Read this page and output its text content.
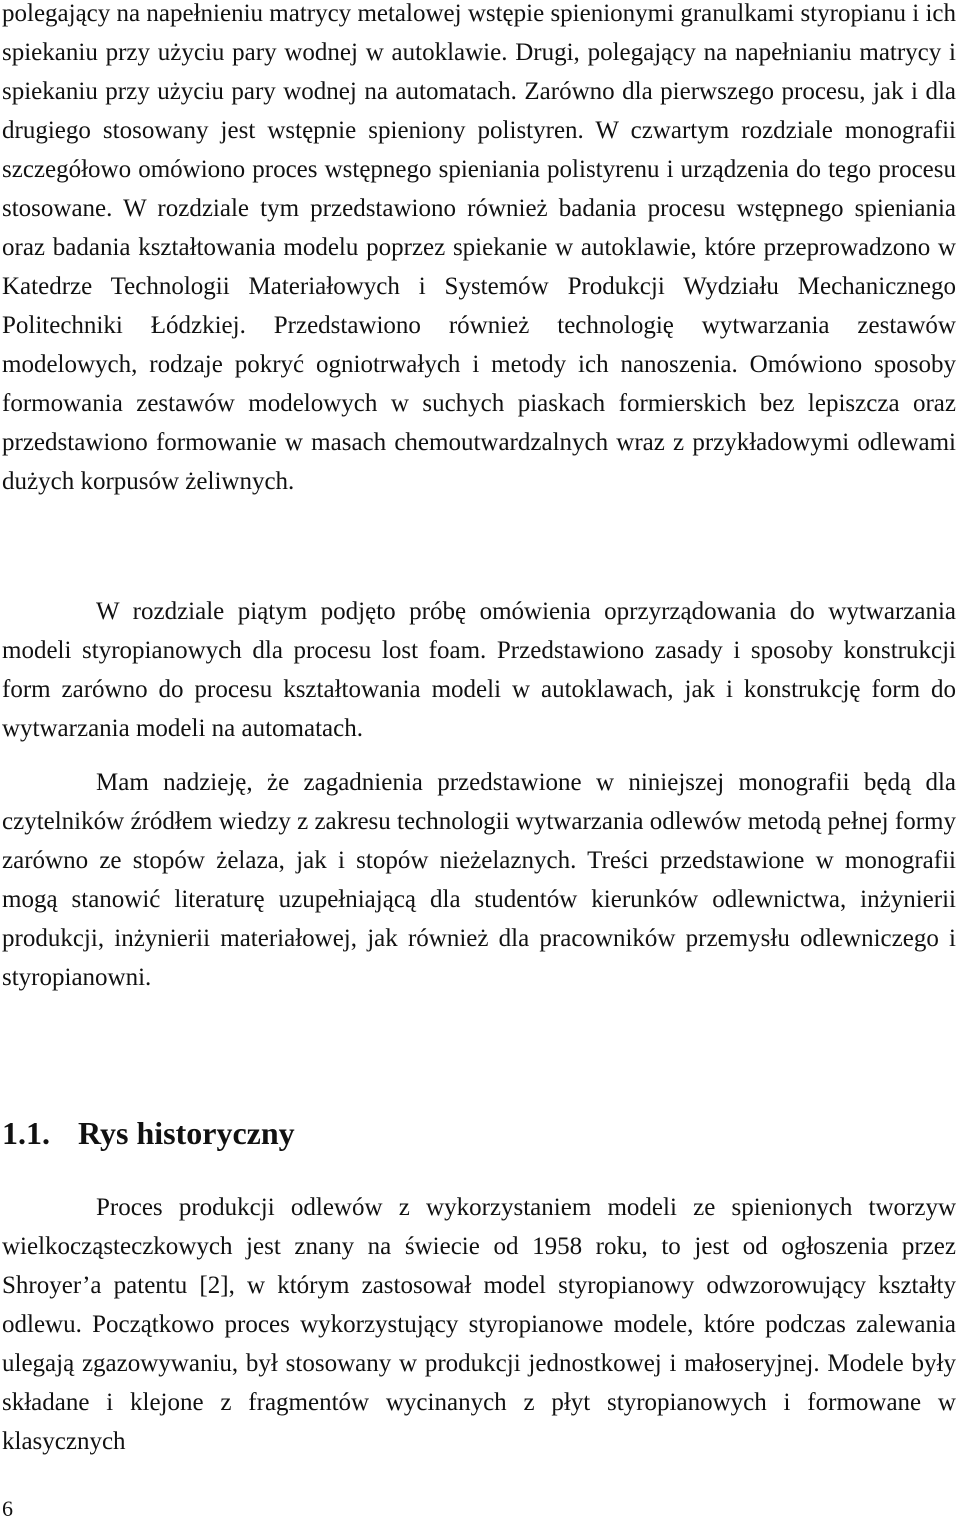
polegający na napełnieniu matrycy metalowej wstępie spienionymi granulkami styropianu i ich spiekaniu przy użyciu pary wodnej w autoklawie. Drugi, polegający na napełnianiu matrycy i spiekaniu przy użyciu pary wodnej na automatach. Zarówno dla pierwszego procesu, jak i dla drugiego stosowany jest wstępnie spieniony polistyren. W czwartym rozdziale monografii szczegółowo omówiono proces wstępnego spieniania polistyrenu i urządzenia do tego procesu stosowane. W rozdziale tym przedstawiono również badania procesu wstępnego spieniania oraz badania kształtowania modelu poprzez spiekanie w autoklawie, które przeprowadzono w Katedrze Technologii Materiałowych i Systemów Produkcji Wydziału Mechanicznego Politechniki Łódzkiej. Przedstawiono również technologię wytwarzania zestawów modelowych, rodzaje pokryć ogniotrwałych i metody ich nanoszenia. Omówiono sposoby formowania zestawów modelowych w suchych piaskach formierskich bez lepiszcza oraz przedstawiono formowanie w masach chemoutwardzalnych wraz z przykładowymi odlewami dużych korpusów żeliwnych.

W rozdziale piątym podjęto próbę omówienia oprzyrządowania do wytwarzania modeli styropianowych dla procesu lost foam. Przedstawiono zasady i sposoby konstrukcji form zarówno do procesu kształtowania modeli w autoklawach, jak i konstrukcję form do wytwarzania modeli na automatach.

Mam nadzieję, że zagadnienia przedstawione w niniejszej monografii będą dla czytelników źródłem wiedzy z zakresu technologii wytwarzania odlewów metodą pełnej formy zarówno ze stopów żelaza, jak i stopów nieżelaznych. Treści przedstawione w monografii mogą stanowić literaturę uzupełniającą dla studentów kierunków odlewnictwa, inżynierii produkcji, inżynierii materiałowej, jak również dla pracowników przemysłu odlewniczego i styropianowni.

1.1. Rys historyczny

Proces produkcji odlewów z wykorzystaniem modeli ze spienionych tworzyw wielkocząsteczkowych jest znany na świecie od 1958 roku, to jest od ogłoszenia przez Shroyer’a patentu [2], w którym zastosował model styropianowy odwzorowujący kształty odlewu. Początkowo proces wykorzystujący styropianowe modele, które podczas zalewania ulegają zgazowywaniu, był stosowany w produkcji jednostkowej i małoseryjnej. Modele były składane i klejone z fragmentów wycinanych z płyt styropianowych i formowane w klasycznych

6
